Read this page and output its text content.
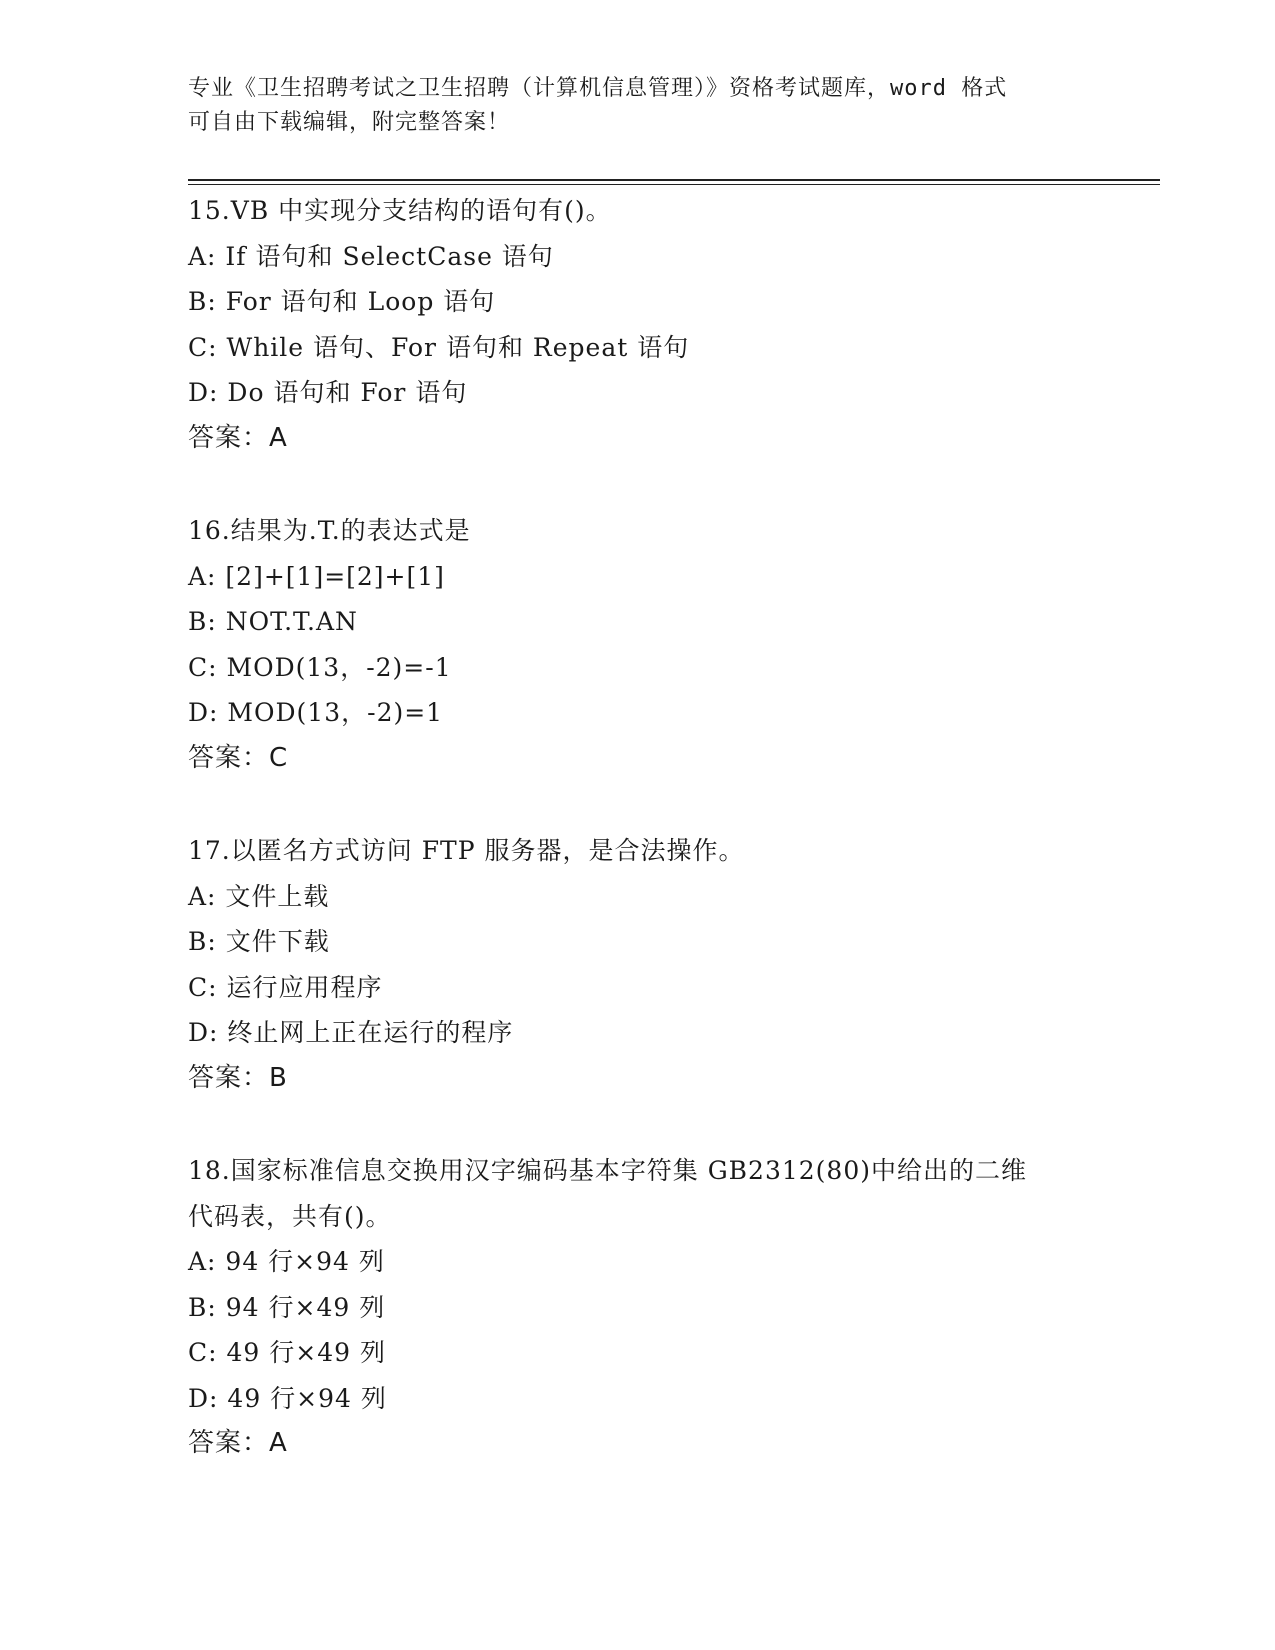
专业《卫生招聘考试之卫生招聘（计算机信息管理）》资格考试题库，word 格式
可自由下载编辑，附完整答案！
15.VB 中实现分支结构的语句有()。
A: If 语句和 SelectCase 语句
B: For 语句和 Loop 语句
C: While 语句、For 语句和 Repeat 语句
D: Do 语句和 For 语句
答案：A
16.结果为.T.的表达式是
A: [2]+[1]=[2]+[1]
B: NOT.T.AN
C: MOD(13，-2)=-1
D: MOD(13，-2)=1
答案：C
17.以匿名方式访问 FTP 服务器，是合法操作。
A: 文件上载
B: 文件下载
C: 运行应用程序
D: 终止网上正在运行的程序
答案：B
18.国家标准信息交换用汉字编码基本字符集 GB2312(80)中给出的二维
代码表，共有()。
A: 94 行×94 列
B: 94 行×49 列
C: 49 行×49 列
D: 49 行×94 列
答案：A
